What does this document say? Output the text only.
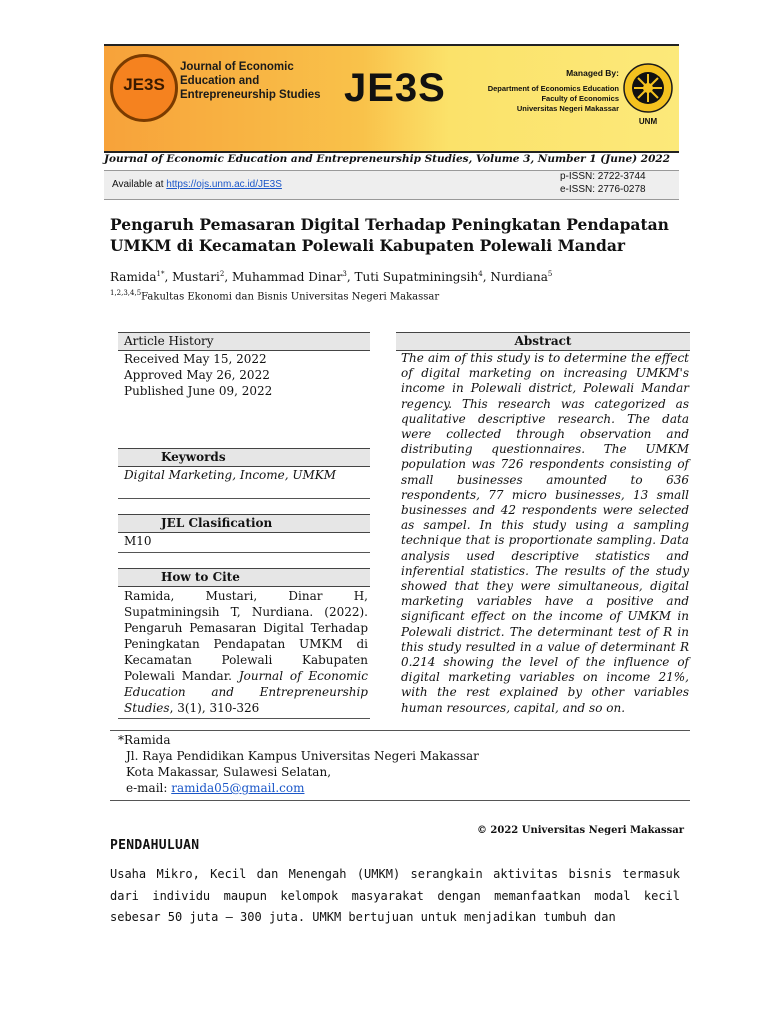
JE3S
Journal of Economic
Education and
Entrepreneurship Studies JE3S	Managed By:
Department of Economics Education
Faculty of Economics
Universitas Negeri Makassar
UNM
Journal of Economic Education and Entrepreneurship Studies, Volume 3, Number 1 (June) 2022
Available at https://ojs.unm.ac.id/JE3S
p-ISSN: 2722-3744
e-ISSN: 2776-0278
Pengaruh Pemasaran Digital Terhadap Peningkatan Pendapatan UMKM di Kecamatan Polewali Kabupaten Polewali Mandar
Ramida$^{1*}$, Mustari$^2$, Muhammad Dinar$^3$, Tuti Supatminingsih$^4$, Nurdiana$^5$
$^{1,2,3,4,5}$Fakultas Ekonomi dan Bisnis Universitas Negeri Makassar
Article History
Received May 15, 2022
Approved May 26, 2022
Published June 09, 2022
Keywords
Digital Marketing, Income, UMKM
JEL Clasification
M10
How to Cite
Ramida, Mustari, Dinar H, Supatminingsih T, Nurdiana. (2022). Pengaruh Pemasaran Digital Terhadap Peningkatan Pendapatan UMKM di Kecamatan Polewali Kabupaten Polewali Mandar. Journal of Economic Education and Entrepreneurship Studies, 3(1), 310-326
Abstract
The aim of this study is to determine the effect of digital marketing on increasing UMKM's income in Polewali district, Polewali Mandar regency. This research was categorized as qualitative descriptive research. The data were collected through observation and distributing questionnaires. The UMKM population was 726 respondents consisting of small businesses amounted to 636 respondents, 77 micro businesses, 13 small businesses and 42 respondents were selected as sampel. In this study using a sampling technique that is proportionate sampling. Data analysis used descriptive statistics and inferential statistics. The results of the study showed that they were simultaneous, digital marketing variables have a positive and significant effect on the income of UMKM in Polewali district. The determinant test of R in this study resulted in a value of determinant R 0.214 showing the level of the influence of digital marketing variables on income 21%, with the rest explained by other variables human resources, capital, and so on.
*Ramida
Jl. Raya Pendidikan Kampus Universitas Negeri Makassar
Kota Makassar, Sulawesi Selatan,
e-mail: ramida05@gmail.com
© 2022 Universitas Negeri Makassar
PENDAHULUAN
Usaha Mikro, Kecil dan Menengah (UMKM) serangkain aktivitas bisnis termasuk dari individu maupun kelompok masyarakat dengan memanfaatkan modal kecil sebesar 50 juta – 300 juta. UMKM bertujuan untuk menjadikan tumbuh dan
